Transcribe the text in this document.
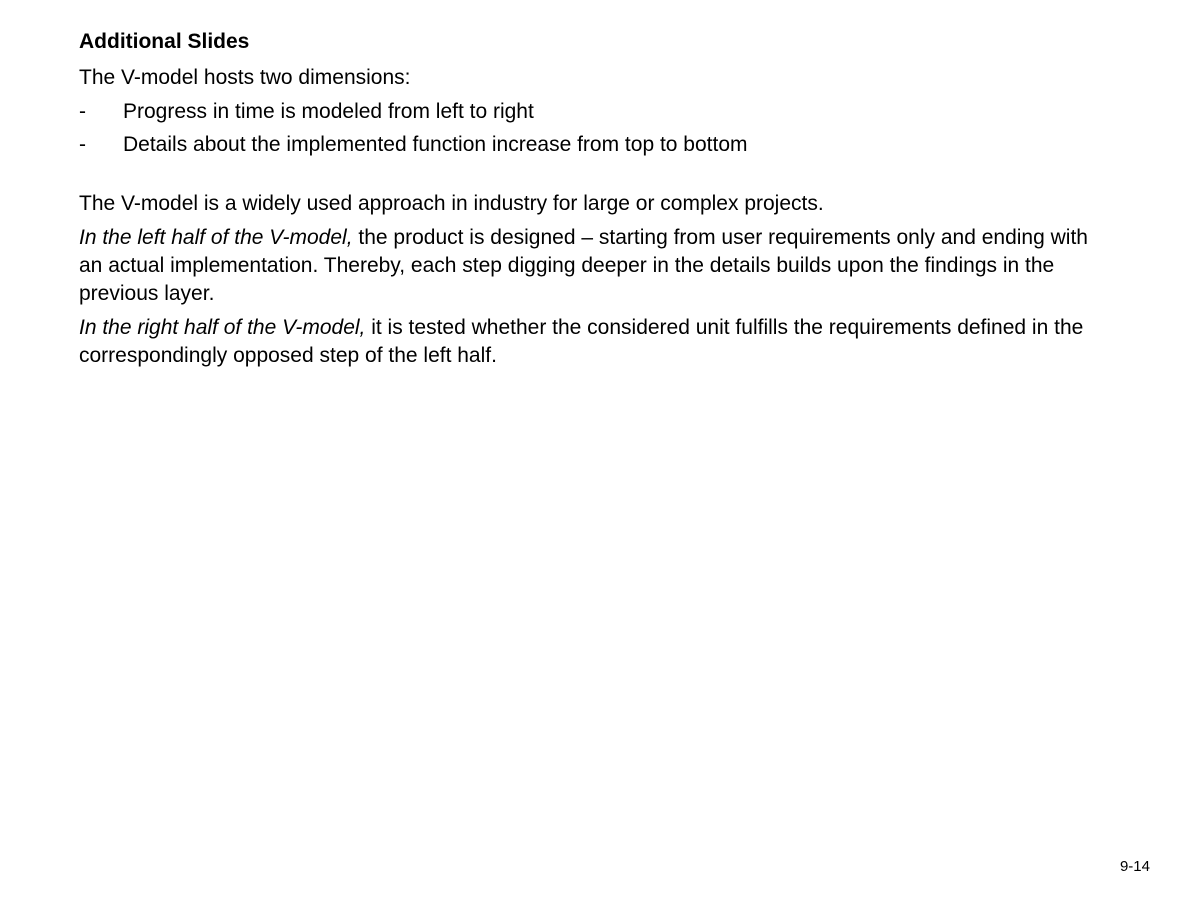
Additional Slides

The V-model hosts two dimensions:

-	Progress in time is modeled from left to right
-	Details about the implemented function increase from top to bottom

The V-model is a widely used approach in industry for large or complex projects.

In the left half of the V-model, the product is designed – starting from user requirements only and ending with an actual implementation. Thereby, each step digging deeper in the details builds upon the findings in the previous layer.

In the right half of the V-model, it is tested whether the considered unit fulfills the requirements defined in the correspondingly opposed step of the left half.

9-14
